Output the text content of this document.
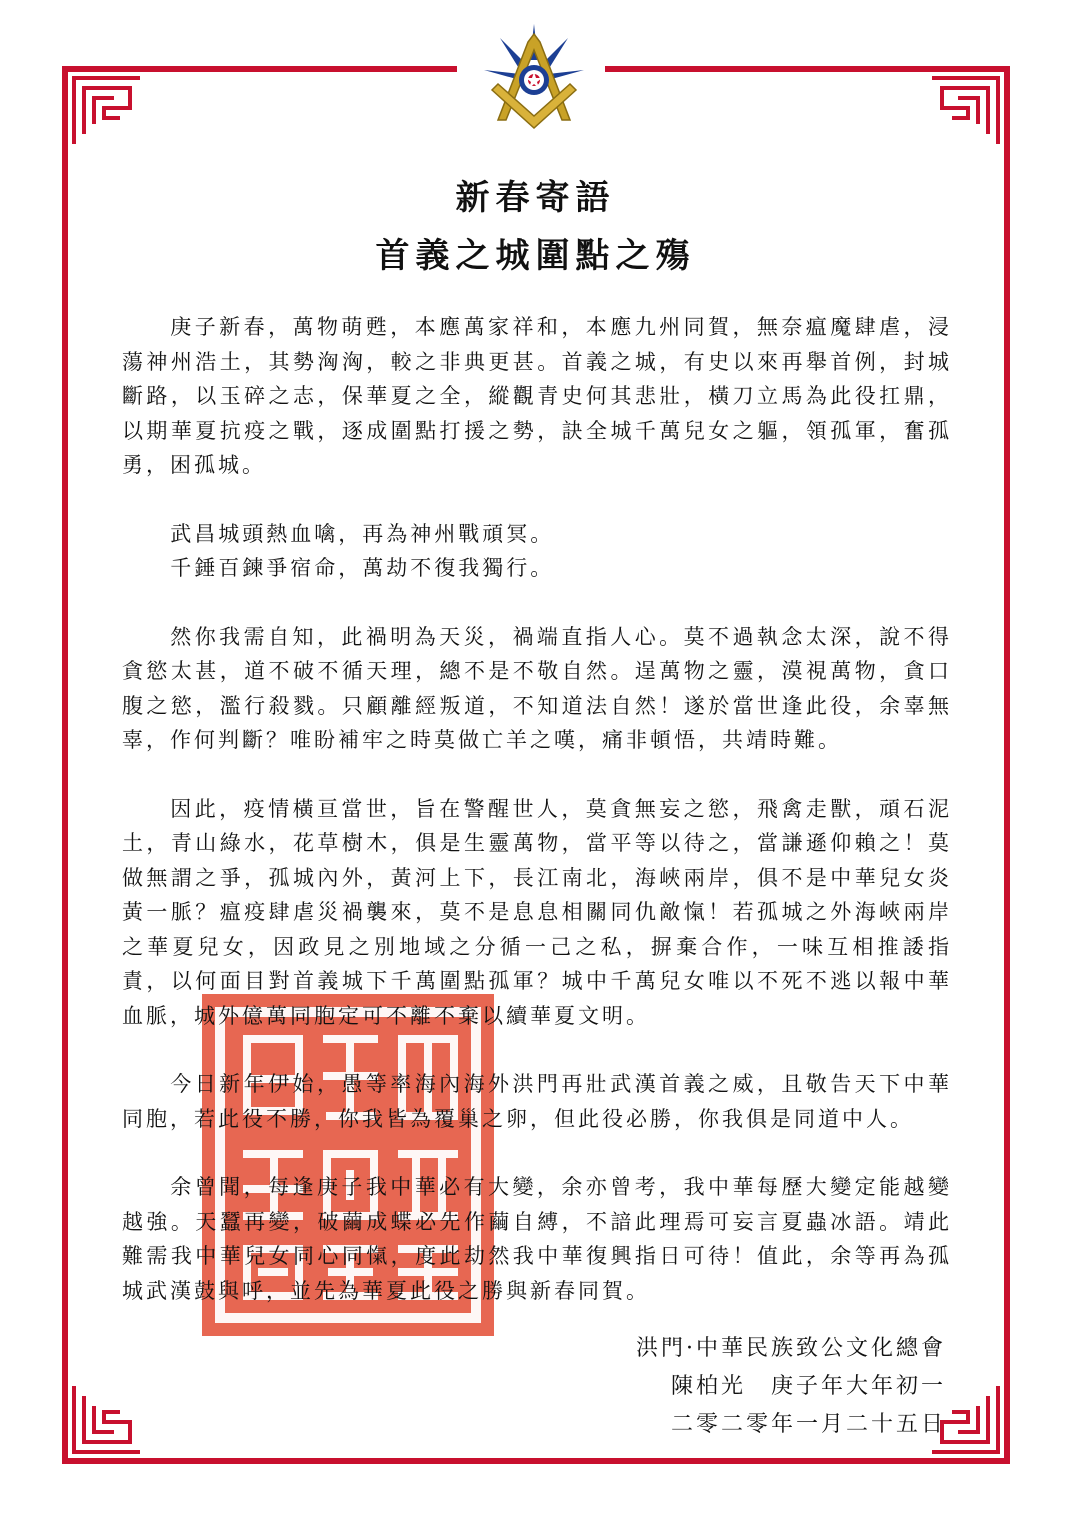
新春寄語
首義之城圍點之殤

庚子新春，萬物萌甦，本應萬家祥和，本應九州同賀，無奈瘟魔肆虐，浸蕩神州浩土，其勢洶洶，較之非典更甚。首義之城，有史以來再舉首例，封城斷路，以玉碎之志，保華夏之全，縱觀青史何其悲壯，橫刀立馬為此役扛鼎，以期華夏抗疫之戰，逐成圍點打援之勢，訣全城千萬兒女之軀，領孤軍，奮孤勇，困孤城。

武昌城頭熱血噙，再為神州戰頑冥。
千錘百鍊爭宿命，萬劫不復我獨行。

然你我需自知，此禍明為天災，禍端直指人心。莫不過執念太深，說不得貪慾太甚，道不破不循天理，總不是不敬自然。逞萬物之靈，漠視萬物，貪口腹之慾，濫行殺戮。只顧離經叛道，不知道法自然！遂於當世逢此役，余辜無辜，作何判斷？唯盼補牢之時莫做亡羊之嘆，痛非頓悟，共靖時難。

因此，疫情橫亘當世，旨在警醒世人，莫貪無妄之慾，飛禽走獸，頑石泥土，青山綠水，花草樹木，俱是生靈萬物，當平等以待之，當謙遜仰賴之！莫做無謂之爭，孤城內外，黃河上下，長江南北，海峽兩岸，俱不是中華兒女炎黃一脈？瘟疫肆虐災禍襲來，莫不是息息相關同仇敵愾！若孤城之外海峽兩岸之華夏兒女，因政見之別地域之分循一己之私，摒棄合作，一味互相推諉指責，以何面目對首義城下千萬圍點孤軍？城中千萬兒女唯以不死不逃以報中華血脈，城外億萬同胞定可不離不棄以續華夏文明。

今日新年伊始，愚等率海內海外洪門再壯武漢首義之威，且敬告天下中華同胞，若此役不勝，你我皆為覆巢之卵，但此役必勝，你我俱是同道中人。

余曾聞，每逢庚子我中華必有大變，余亦曾考，我中華每歷大變定能越變越強。天蠶再變，破繭成蝶必先作繭自縛，不諳此理焉可妄言夏蟲冰語。靖此難需我中華兒女同心同愾，度此劫然我中華復興指日可待！值此，余等再為孤城武漢鼓與呼，並先為華夏此役之勝與新春同賀。

洪門·中華民族致公文化總會
陳柏光　庚子年大年初一
二零二零年一月二十五日
